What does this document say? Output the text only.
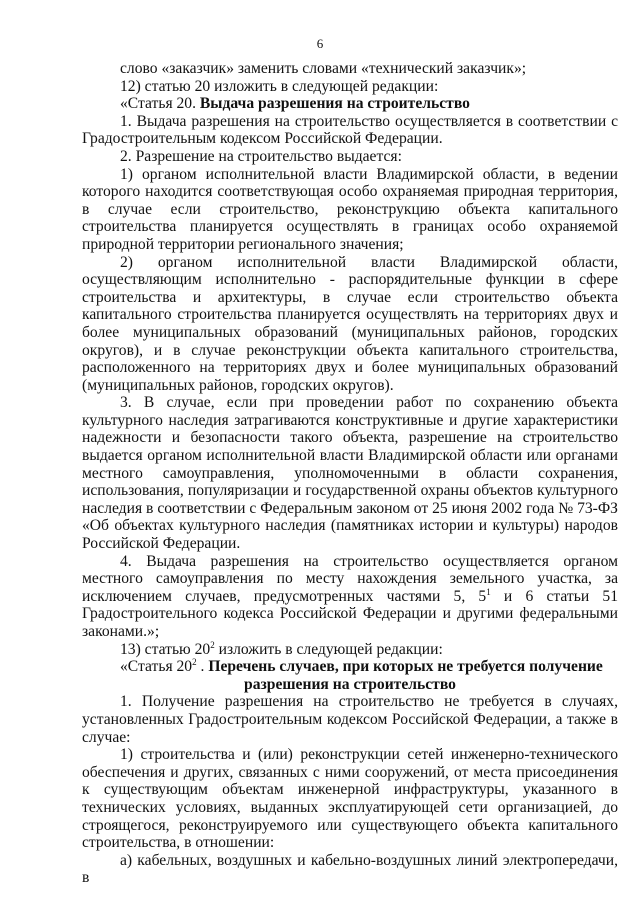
6

слово «заказчик» заменить словами «технический заказчик»;

12) статью 20 изложить в следующей редакции:

«Статья 20. Выдача разрешения на строительство

1. Выдача разрешения на строительство осуществляется в соответствии с Градостроительным кодексом Российской Федерации.

2. Разрешение на строительство выдается:

1) органом исполнительной власти Владимирской области, в ведении которого находится соответствующая особо охраняемая природная территория, в случае если строительство, реконструкцию объекта капитального строительства планируется осуществлять в границах особо охраняемой природной территории регионального значения;

2) органом исполнительной власти Владимирской области, осуществляющим исполнительно - распорядительные функции в сфере строительства и архитектуры, в случае если строительство объекта капитального строительства планируется осуществлять на территориях двух и более муниципальных образований (муниципальных районов, городских округов), и в случае реконструкции объекта капитального строительства, расположенного на территориях двух и более муниципальных образований (муниципальных районов, городских округов).

3. В случае, если при проведении работ по сохранению объекта культурного наследия затрагиваются конструктивные и другие характеристики надежности и безопасности такого объекта, разрешение на строительство выдается органом исполнительной власти Владимирской области или органами местного самоуправления, уполномоченными в области сохранения, использования, популяризации и государственной охраны объектов культурного наследия в соответствии с Федеральным законом от 25 июня 2002 года № 73-ФЗ «Об объектах культурного наследия (памятниках истории и культуры) народов Российской Федерации.

4. Выдача разрешения на строительство осуществляется органом местного самоуправления по месту нахождения земельного участка, за исключением случаев, предусмотренных частями 5, $5^1$ и 6 статьи 51 Градостроительного кодекса Российской Федерации и другими федеральными законами.»;

13) статью $20^2$ изложить в следующей редакции:

«Статья $20^2$ . Перечень случаев, при которых не требуется получение

разрешения на строительство

1. Получение разрешения на строительство не требуется в случаях, установленных Градостроительным кодексом Российской Федерации, а также в случае:

1) строительства и (или) реконструкции сетей инженерно-технического обеспечения и других, связанных с ними сооружений, от места присоединения к существующим объектам инженерной инфраструктуры, указанного в технических условиях, выданных эксплуатирующей сети организацией, до строящегося, реконструируемого или существующего объекта капитального строительства, в отношении:

а) кабельных, воздушных и кабельно-воздушных линий электропередачи, в
